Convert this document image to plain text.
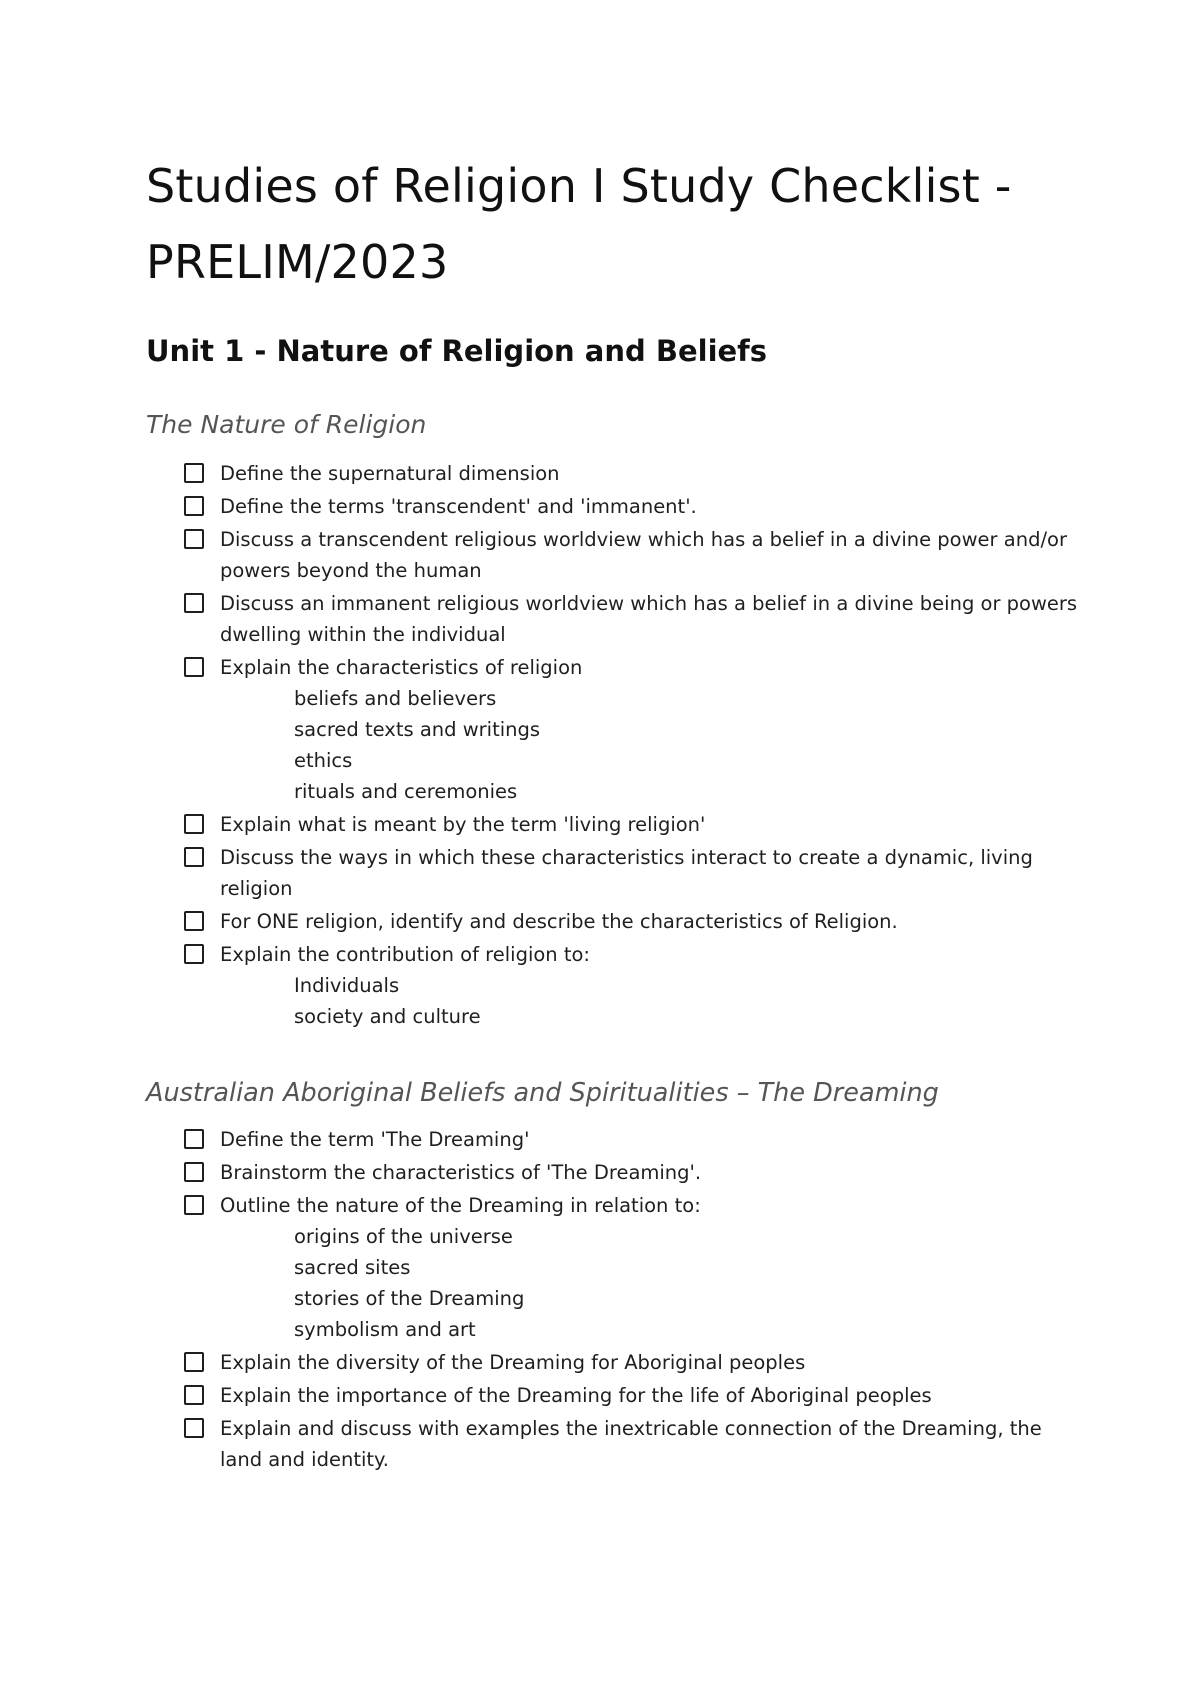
Studies of Religion I Study Checklist - PRELIM/2023
Unit 1 - Nature of Religion and Beliefs
The Nature of Religion
Define the supernatural dimension
Define the terms 'transcendent' and 'immanent'.
Discuss a transcendent religious worldview which has a belief in a divine power and/or powers beyond the human
Discuss an immanent religious worldview which has a belief in a divine being or powers dwelling within the individual
Explain the characteristics of religion
beliefs and believers
sacred texts and writings
ethics
rituals and ceremonies
Explain what is meant by the term 'living religion'
Discuss the ways in which these characteristics interact to create a dynamic, living religion
For ONE religion, identify and describe the characteristics of Religion.
Explain the contribution of religion to:
Individuals
society and culture
Australian Aboriginal Beliefs and Spiritualities – The Dreaming
Define the term 'The Dreaming'
Brainstorm the characteristics of 'The Dreaming'.
Outline the nature of the Dreaming in relation to:
origins of the universe
sacred sites
stories of the Dreaming
symbolism and art
Explain the diversity of the Dreaming for Aboriginal peoples
Explain the importance of the Dreaming for the life of Aboriginal peoples
Explain and discuss with examples the inextricable connection of the Dreaming, the land and identity.
